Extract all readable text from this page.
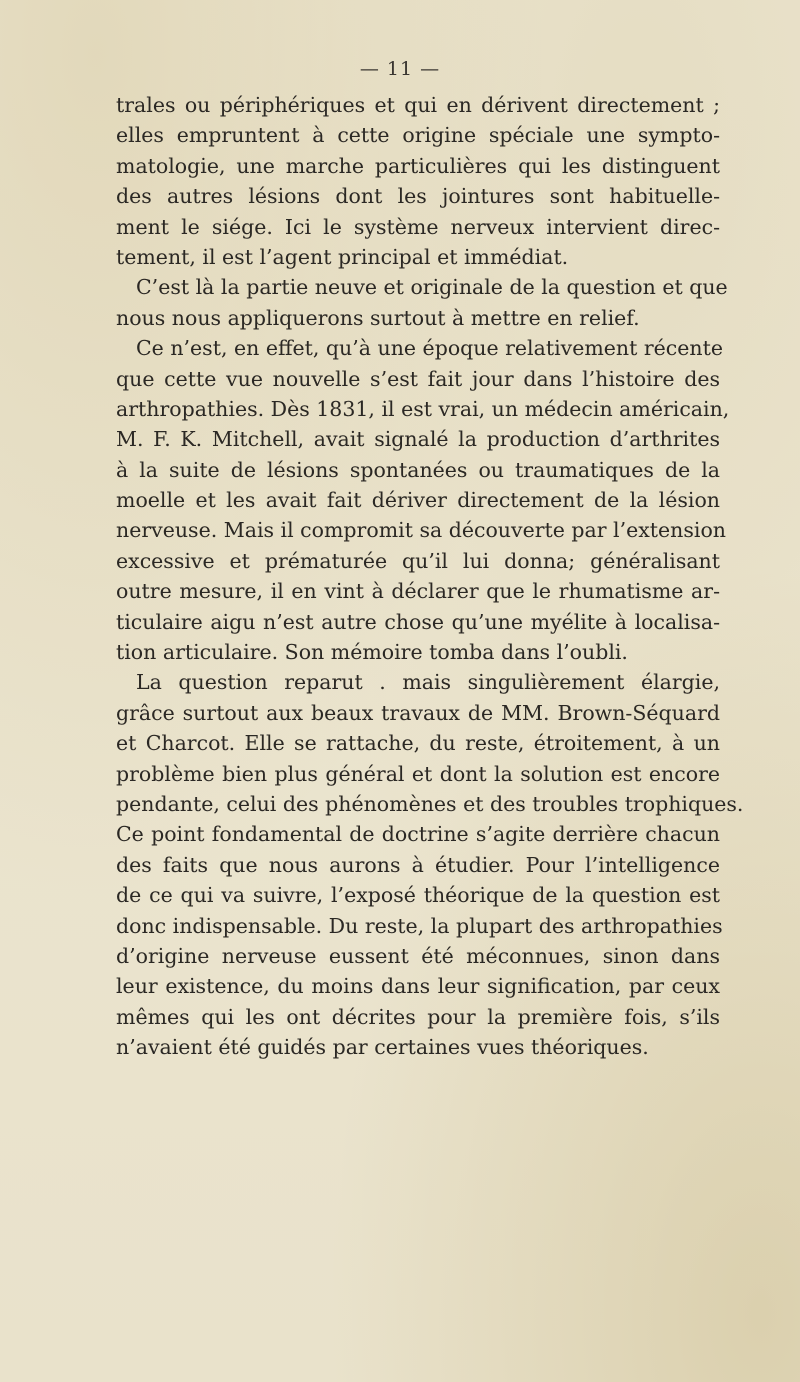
— 11 —
trales ou périphériques et qui en dérivent directement ;
elles empruntent à cette origine spéciale une sympto-
matologie, une marche particulières qui les distinguent
des autres lésions dont les jointures sont habituelle-
ment le siége. Ici le système nerveux intervient direc-
tement, il est l’agent principal et immédiat.
C’est là la partie neuve et originale de la question et que
nous nous appliquerons surtout à mettre en relief.
Ce n’est, en effet, qu’à une époque relativement récente
que cette vue nouvelle s’est fait jour dans l’histoire des
arthropathies. Dès 1831, il est vrai, un médecin américain,
M. F. K. Mitchell, avait signalé la production d’arthrites
à la suite de lésions spontanées ou traumatiques de la
moelle et les avait fait dériver directement de la lésion
nerveuse. Mais il compromit sa découverte par l’extension
excessive et prématurée qu’il lui donna; généralisant
outre mesure, il en vint à déclarer que le rhumatisme ar-
ticulaire aigu n’est autre chose qu’une myélite à localisa-
tion articulaire. Son mémoire tomba dans l’oubli.
La question reparut . mais singulièrement élargie,
grâce surtout aux beaux travaux de MM. Brown-Séquard
et Charcot. Elle se rattache, du reste, étroitement, à un
problème bien plus général et dont la solution est encore
pendante, celui des phénomènes et des troubles trophiques.
Ce point fondamental de doctrine s’agite derrière chacun
des faits que nous aurons à étudier. Pour l’intelligence
de ce qui va suivre, l’exposé théorique de la question est
donc indispensable. Du reste, la plupart des arthropathies
d’origine nerveuse eussent été méconnues, sinon dans
leur existence, du moins dans leur signification, par ceux
mêmes qui les ont décrites pour la première fois, s’ils
n’avaient été guidés par certaines vues théoriques.
